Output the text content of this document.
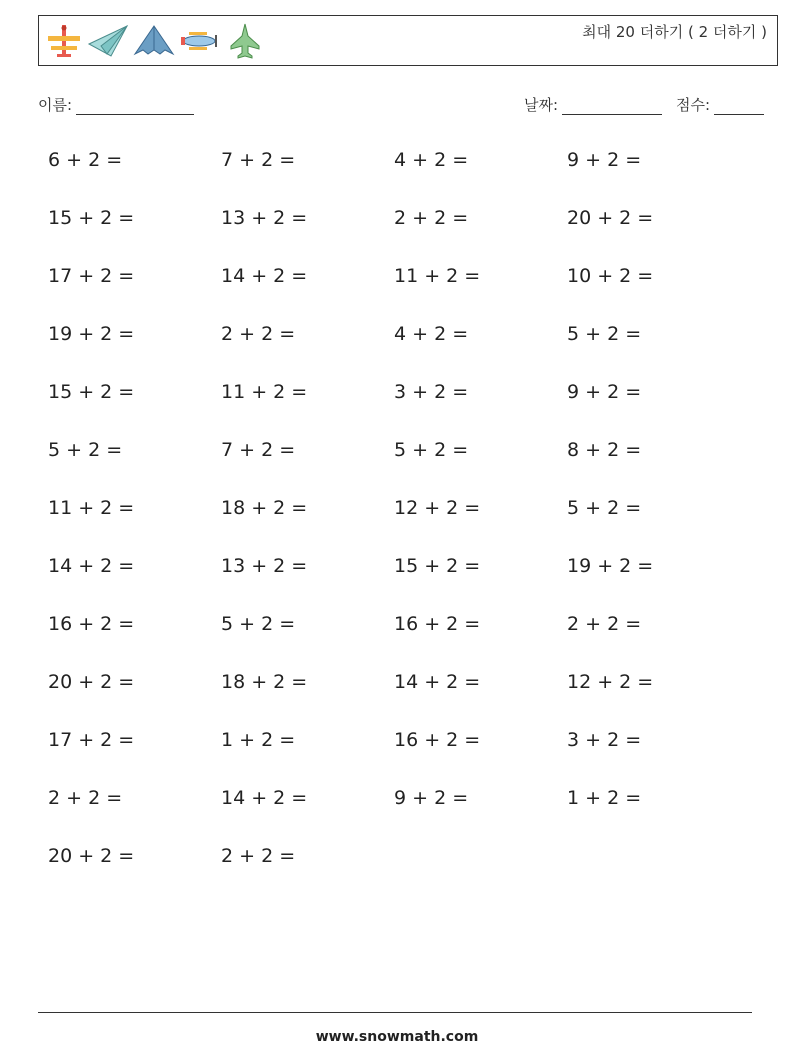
최대 20 더하기 ( 2 더하기 )
이름:	날짜:	점수:
6 + 2 =	7 + 2 =	4 + 2 =	9 + 2 =
15 + 2 =	13 + 2 =	2 + 2 =	20 + 2 =
17 + 2 =	14 + 2 =	11 + 2 =	10 + 2 =
19 + 2 =	2 + 2 =	4 + 2 =	5 + 2 =
15 + 2 =	11 + 2 =	3 + 2 =	9 + 2 =
5 + 2 =	7 + 2 =	5 + 2 =	8 + 2 =
11 + 2 =	18 + 2 =	12 + 2 =	5 + 2 =
14 + 2 =	13 + 2 =	15 + 2 =	19 + 2 =
16 + 2 =	5 + 2 =	16 + 2 =	2 + 2 =
20 + 2 =	18 + 2 =	14 + 2 =	12 + 2 =
17 + 2 =	1 + 2 =	16 + 2 =	3 + 2 =
2 + 2 =	14 + 2 =	9 + 2 =	1 + 2 =
20 + 2 =	2 + 2 =
www.snowmath.com
